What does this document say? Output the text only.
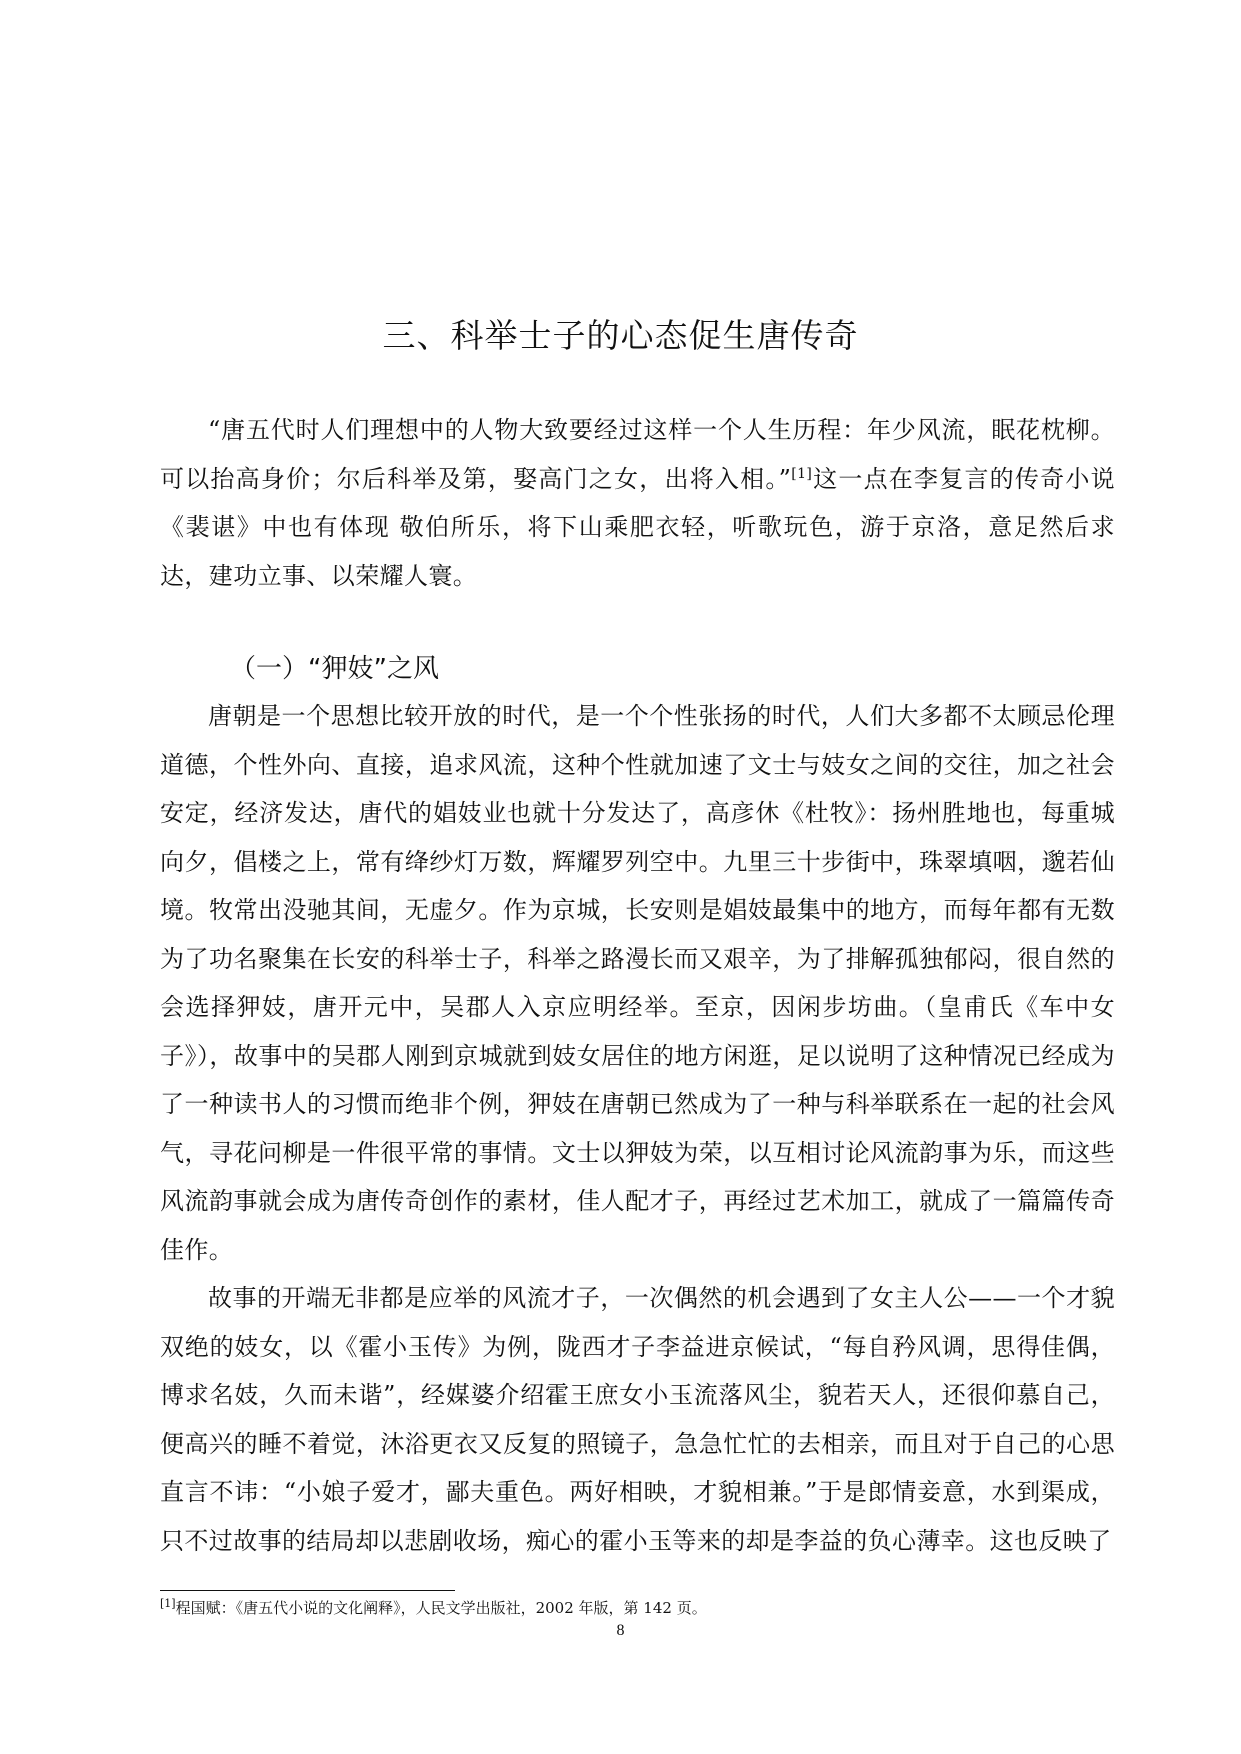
三、科举士子的心态促生唐传奇

“唐五代时人们理想中的人物大致要经过这样一个人生历程：年少风流，眠花枕柳。可以抬高身价；尔后科举及第，娶高门之女，出将入相。”[1]这一点在李复言的传奇小说《裴谌》中也有体现 敬伯所乐，将下山乘肥衣轻，听歌玩色，游于京洛，意足然后求达，建功立事、以荣耀人寰。

（一）“狎妓”之风

唐朝是一个思想比较开放的时代，是一个个性张扬的时代，人们大多都不太顾忌伦理道德，个性外向、直接，追求风流，这种个性就加速了文士与妓女之间的交往，加之社会安定，经济发达，唐代的娼妓业也就十分发达了，高彦休《杜牧》：扬州胜地也，每重城向夕，倡楼之上，常有绛纱灯万数，辉耀罗列空中。九里三十步街中，珠翠填咽，邈若仙境。牧常出没驰其间，无虚夕。作为京城，长安则是娼妓最集中的地方，而每年都有无数为了功名聚集在长安的科举士子，科举之路漫长而又艰辛，为了排解孤独郁闷，很自然的会选择狎妓，唐开元中，吴郡人入京应明经举。至京，因闲步坊曲。（皇甫氏《车中女子》），故事中的吴郡人刚到京城就到妓女居住的地方闲逛，足以说明了这种情况已经成为了一种读书人的习惯而绝非个例，狎妓在唐朝已然成为了一种与科举联系在一起的社会风气，寻花问柳是一件很平常的事情。文士以狎妓为荣，以互相讨论风流韵事为乐，而这些风流韵事就会成为唐传奇创作的素材，佳人配才子，再经过艺术加工，就成了一篇篇传奇佳作。

故事的开端无非都是应举的风流才子，一次偶然的机会遇到了女主人公——一个才貌双绝的妓女，以《霍小玉传》为例，陇西才子李益进京候试，“每自矜风调，思得佳偶，博求名妓，久而未谐”，经媒婆介绍霍王庶女小玉流落风尘，貌若天人，还很仰慕自己，便高兴的睡不着觉，沐浴更衣又反复的照镜子，急急忙忙的去相亲，而且对于自己的心思直言不讳：“小娘子爱才，鄙夫重色。两好相映，才貌相兼。”于是郎情妾意，水到渠成，只不过故事的结局却以悲剧收场，痴心的霍小玉等来的却是李益的负心薄幸。这也反映了

[1]程国赋：《唐五代小说的文化阐释》，人民文学出版社，2002 年版，第 142 页。
8
